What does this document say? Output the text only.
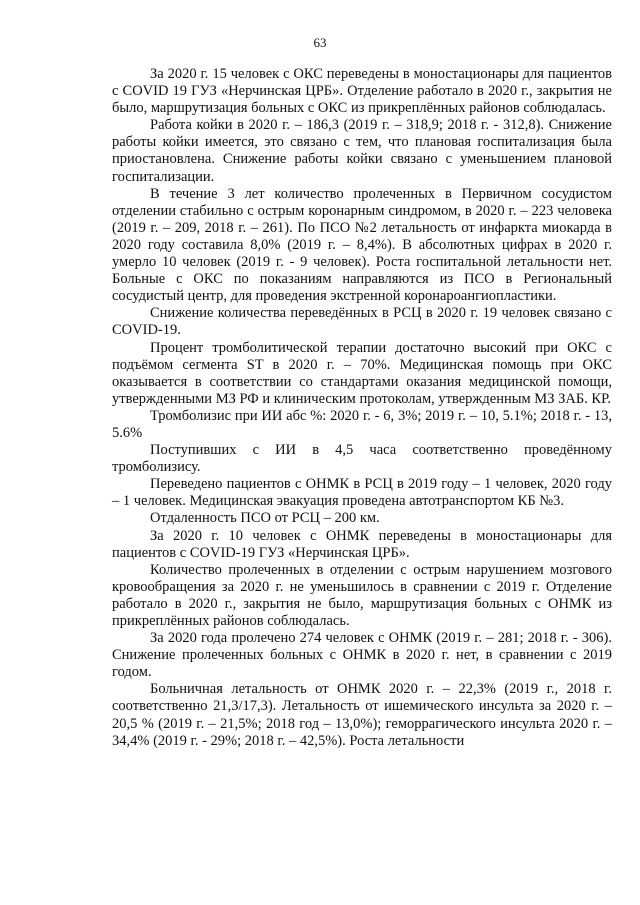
63

За 2020 г. 15 человек с ОКС переведены в моностационары для пациентов с COVID 19 ГУЗ «Нерчинская ЦРБ». Отделение работало в 2020 г., закрытия не было, маршрутизация больных с ОКС из прикреплённых районов соблюдалась.

Работа койки в 2020 г. – 186,3 (2019 г. – 318,9; 2018 г. - 312,8). Снижение работы койки имеется, это связано с тем, что плановая госпитализация была приостановлена. Снижение работы койки связано с уменьшением плановой госпитализации.

В течение 3 лет количество пролеченных в Первичном сосудистом отделении стабильно с острым коронарным синдромом, в 2020 г. – 223 человека (2019 г. – 209, 2018 г. – 261). По ПСО №2 летальность от инфаркта миокарда в 2020 году составила 8,0% (2019 г. – 8,4%). В абсолютных цифрах в 2020 г. умерло 10 человек (2019 г. - 9 человек). Роста госпитальной летальности нет. Больные с ОКС по показаниям направляются из ПСО в Региональный сосудистый центр, для проведения экстренной коронароангиопластики.

Снижение количества переведённых в РСЦ в 2020 г. 19 человек связано с COVID-19.

Процент тромболитической терапии достаточно высокий при ОКС с подъёмом сегмента ST в 2020 г. – 70%. Медицинская помощь при ОКС оказывается в соответствии со стандартами оказания медицинской помощи, утвержденными МЗ РФ и клиническим протоколам, утвержденным МЗ ЗАБ. КР.

Тромболизис при ИИ абс %: 2020 г. - 6, 3%; 2019 г. – 10, 5.1%; 2018 г. - 13, 5.6%

Поступивших с ИИ в 4,5 часа соответственно проведённому тромболизису.

Переведено пациентов с ОНМК в РСЦ в 2019 году – 1 человек, 2020 году – 1 человек. Медицинская эвакуация проведена автотранспортом КБ №3.

Отдаленность ПСО от РСЦ – 200 км.

За 2020 г. 10 человек с ОНМК переведены в моностационары для пациентов с COVID-19 ГУЗ «Нерчинская ЦРБ».

Количество пролеченных в отделении с острым нарушением мозгового кровообращения за 2020 г. не уменьшилось в сравнении с 2019 г. Отделение работало в 2020 г., закрытия не было, маршрутизация больных с ОНМК из прикреплённых районов соблюдалась.

За 2020 года пролечено 274 человек с ОНМК (2019 г. – 281; 2018 г. - 306). Снижение пролеченных больных с ОНМК в 2020 г. нет, в сравнении с 2019 годом.

Больничная летальность от ОНМК 2020 г. – 22,3% (2019 г., 2018 г. соответственно 21,3/17,3). Летальность от ишемического инсульта за 2020 г. – 20,5 % (2019 г. – 21,5%; 2018 год – 13,0%); геморрагического инсульта 2020 г. – 34,4% (2019 г. - 29%; 2018 г. – 42,5%). Роста летальности
